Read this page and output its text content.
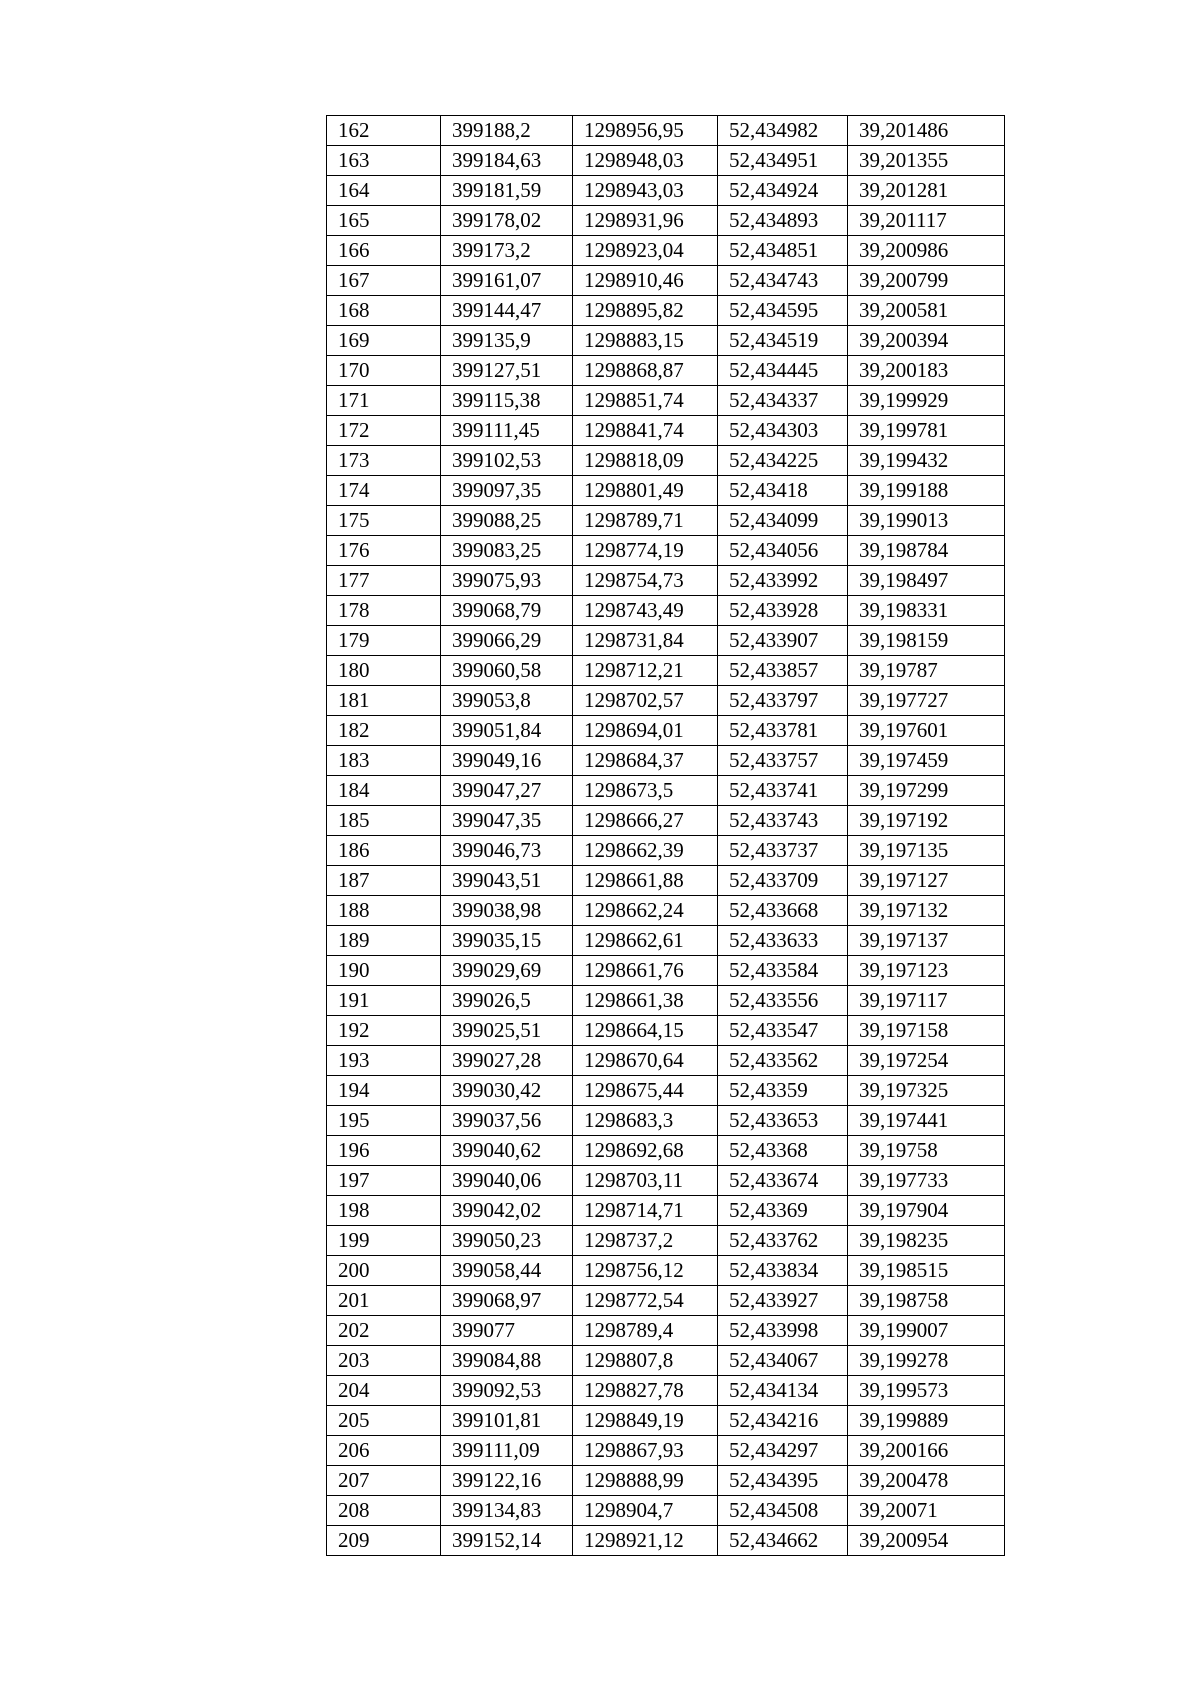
162	399188,2	1298956,95	52,434982	39,201486
163	399184,63	1298948,03	52,434951	39,201355
164	399181,59	1298943,03	52,434924	39,201281
165	399178,02	1298931,96	52,434893	39,201117
166	399173,2	1298923,04	52,434851	39,200986
167	399161,07	1298910,46	52,434743	39,200799
168	399144,47	1298895,82	52,434595	39,200581
169	399135,9	1298883,15	52,434519	39,200394
170	399127,51	1298868,87	52,434445	39,200183
171	399115,38	1298851,74	52,434337	39,199929
172	399111,45	1298841,74	52,434303	39,199781
173	399102,53	1298818,09	52,434225	39,199432
174	399097,35	1298801,49	52,43418	39,199188
175	399088,25	1298789,71	52,434099	39,199013
176	399083,25	1298774,19	52,434056	39,198784
177	399075,93	1298754,73	52,433992	39,198497
178	399068,79	1298743,49	52,433928	39,198331
179	399066,29	1298731,84	52,433907	39,198159
180	399060,58	1298712,21	52,433857	39,19787
181	399053,8	1298702,57	52,433797	39,197727
182	399051,84	1298694,01	52,433781	39,197601
183	399049,16	1298684,37	52,433757	39,197459
184	399047,27	1298673,5	52,433741	39,197299
185	399047,35	1298666,27	52,433743	39,197192
186	399046,73	1298662,39	52,433737	39,197135
187	399043,51	1298661,88	52,433709	39,197127
188	399038,98	1298662,24	52,433668	39,197132
189	399035,15	1298662,61	52,433633	39,197137
190	399029,69	1298661,76	52,433584	39,197123
191	399026,5	1298661,38	52,433556	39,197117
192	399025,51	1298664,15	52,433547	39,197158
193	399027,28	1298670,64	52,433562	39,197254
194	399030,42	1298675,44	52,43359	39,197325
195	399037,56	1298683,3	52,433653	39,197441
196	399040,62	1298692,68	52,43368	39,19758
197	399040,06	1298703,11	52,433674	39,197733
198	399042,02	1298714,71	52,43369	39,197904
199	399050,23	1298737,2	52,433762	39,198235
200	399058,44	1298756,12	52,433834	39,198515
201	399068,97	1298772,54	52,433927	39,198758
202	399077	1298789,4	52,433998	39,199007
203	399084,88	1298807,8	52,434067	39,199278
204	399092,53	1298827,78	52,434134	39,199573
205	399101,81	1298849,19	52,434216	39,199889
206	399111,09	1298867,93	52,434297	39,200166
207	399122,16	1298888,99	52,434395	39,200478
208	399134,83	1298904,7	52,434508	39,20071
209	399152,14	1298921,12	52,434662	39,200954
